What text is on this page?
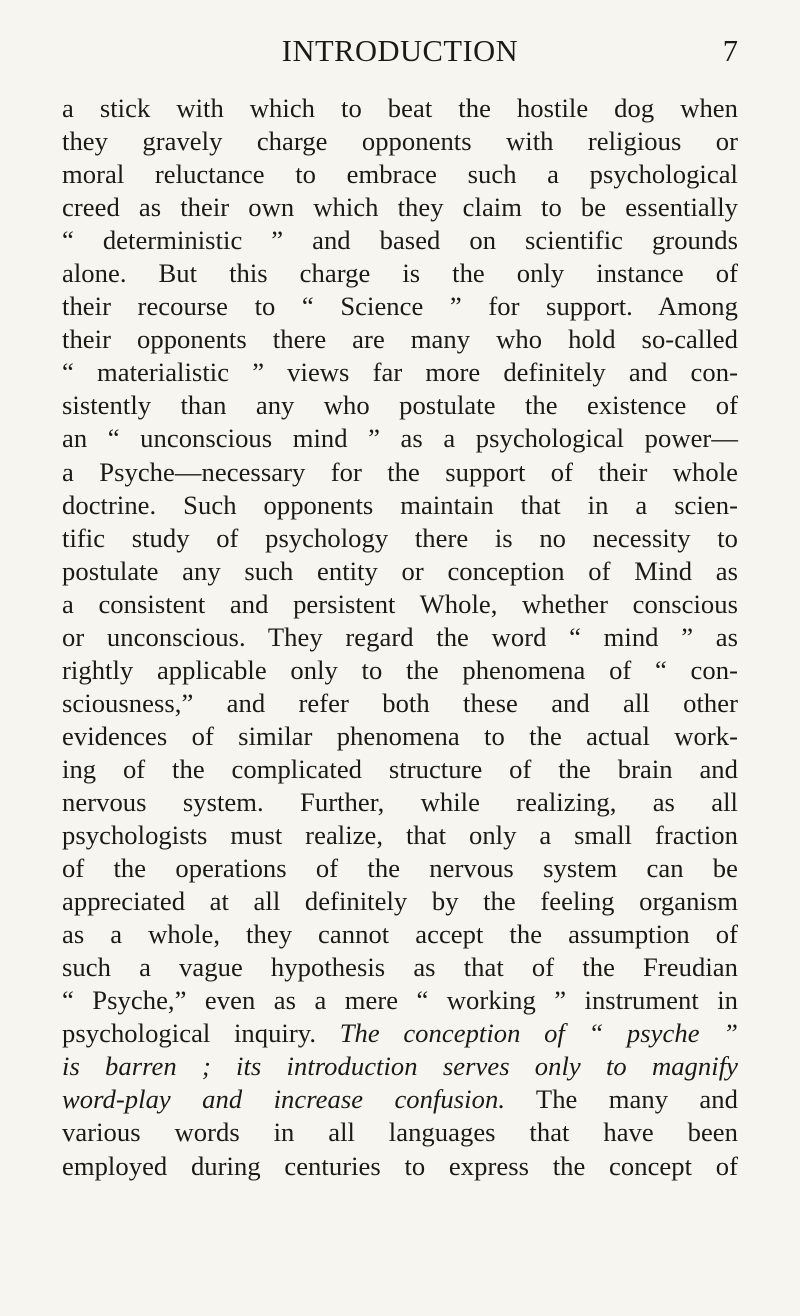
INTRODUCTION	7

a stick with which to beat the hostile dog when
they gravely charge opponents with religious or
moral reluctance to embrace such a psychological
creed as their own which they claim to be essentially
“ deterministic ” and based on scientific grounds
alone. But this charge is the only instance of
their recourse to “ Science ” for support. Among
their opponents there are many who hold so-called
“ materialistic ” views far more definitely and con-
sistently than any who postulate the existence of
an “ unconscious mind ” as a psychological power—
a Psyche—necessary for the support of their whole
doctrine. Such opponents maintain that in a scien-
tific study of psychology there is no necessity to
postulate any such entity or conception of Mind as
a consistent and persistent Whole, whether conscious
or unconscious. They regard the word “ mind ” as
rightly applicable only to the phenomena of “ con-
sciousness,” and refer both these and all other
evidences of similar phenomena to the actual work-
ing of the complicated structure of the brain and
nervous system. Further, while realizing, as all
psychologists must realize, that only a small fraction
of the operations of the nervous system can be
appreciated at all definitely by the feeling organism
as a whole, they cannot accept the assumption of
such a vague hypothesis as that of the Freudian
“ Psyche,” even as a mere “ working ” instrument in
psychological inquiry. The conception of “ psyche ”
is barren ; its introduction serves only to magnify
word-play and increase confusion. The many and
various words in all languages that have been
employed during centuries to express the concept of
